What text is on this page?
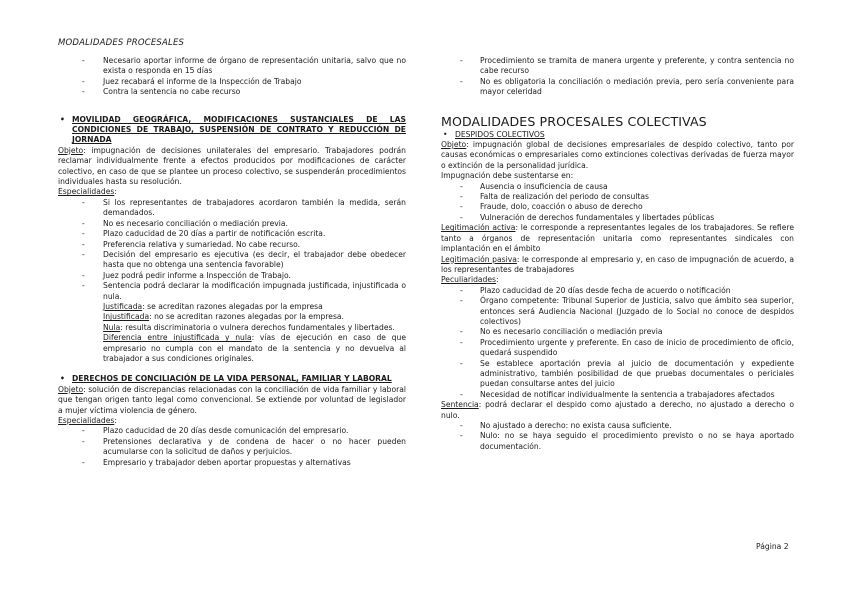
MODALIDADES PROCESALES
- Necesario aportar informe de órgano de representación unitaria, salvo que no exista o responda en 15 días
- Juez recabará el informe de la Inspección de Trabajo
- Contra la sentencia no cabe recurso
• MOVILIDAD GEOGRÁFICA, MODIFICACIONES SUSTANCIALES DE LAS CONDICIONES DE TRABAJO, SUSPENSIÓN DE CONTRATO Y REDUCCIÓN DE JORNADA
Objeto: impugnación de decisiones unilaterales del empresario. Trabajadores podrán reclamar individualmente frente a efectos producidos por modificaciones de carácter colectivo, en caso de que se plantee un proceso colectivo, se suspenderán procedimientos individuales hasta su resolución.
Especialidades:
- Si los representantes de trabajadores acordaron también la medida, serán demandados.
- No es necesario conciliación o mediación previa.
- Plazo caducidad de 20 días a partir de notificación escrita.
- Preferencia relativa y sumariedad. No cabe recurso.
- Decisión del empresario es ejecutiva (es decir, el trabajador debe obedecer hasta que no obtenga una sentencia favorable)
- Juez podrá pedir informe a Inspección de Trabajo.
- Sentencia podrá declarar la modificación impugnada justificada, injustificada o nula.
Justificada: se acreditan razones alegadas por la empresa
Injustificada: no se acreditan razones alegadas por la empresa.
Nula: resulta discriminatoria o vulnera derechos fundamentales y libertades.
Diferencia entre injustificada y nula: vías de ejecución en caso de que empresario no cumpla con el mandato de la sentencia y no devuelva al trabajador a sus condiciones originales.
• DERECHOS DE CONCILIACIÓN DE LA VIDA PERSONAL, FAMILIAR Y LABORAL
Objeto: solución de discrepancias relacionadas con la conciliación de vida familiar y laboral que tengan origen tanto legal como convencional. Se extiende por voluntad de legislador a mujer víctima violencia de género.
Especialidades:
- Plazo caducidad de 20 días desde comunicación del empresario.
- Pretensiones declarativa y de condena de hacer o no hacer pueden acumularse con la solicitud de daños y perjuicios.
- Empresario y trabajador deben aportar propuestas y alternativas
- Procedimiento se tramita de manera urgente y preferente, y contra sentencia no cabe recurso
- No es obligatoria la conciliación o mediación previa, pero sería conveniente para mayor celeridad
MODALIDADES PROCESALES COLECTIVAS
• DESPIDOS COLECTIVOS
Objeto: impugnación global de decisiones empresariales de despido colectivo, tanto por causas económicas o empresariales como extinciones colectivas derivadas de fuerza mayor o extinción de la personalidad jurídica.
Impugnación debe sustentarse en:
- Ausencia o insuficiencia de causa
- Falta de realización del periodo de consultas
- Fraude, dolo, coacción o abuso de derecho
- Vulneración de derechos fundamentales y libertades públicas
Legitimación activa: le corresponde a representantes legales de los trabajadores. Se refiere tanto a órganos de representación unitaria como representantes sindicales con implantación en el ámbito
Legitimación pasiva: le corresponde al empresario y, en caso de impugnación de acuerdo, a los representantes de trabajadores
Peculiaridades:
- Plazo caducidad de 20 días desde fecha de acuerdo o notificación
- Órgano competente: Tribunal Superior de Justicia, salvo que ámbito sea superior, entonces será Audiencia Nacional (Juzgado de lo Social no conoce de despidos colectivos)
- No es necesario conciliación o mediación previa
- Procedimiento urgente y preferente. En caso de inicio de procedimiento de oficio, quedará suspendido
- Se establece aportación previa al juicio de documentación y expediente administrativo, también posibilidad de que pruebas documentales o periciales puedan consultarse antes del juicio
- Necesidad de notificar individualmente la sentencia a trabajadores afectados
Sentencia: podrá declarar el despido como ajustado a derecho, no ajustado a derecho o nulo.
- No ajustado a derecho: no exista causa suficiente.
- Nulo: no se haya seguido el procedimiento previsto o no se haya aportado documentación.
Página 2
